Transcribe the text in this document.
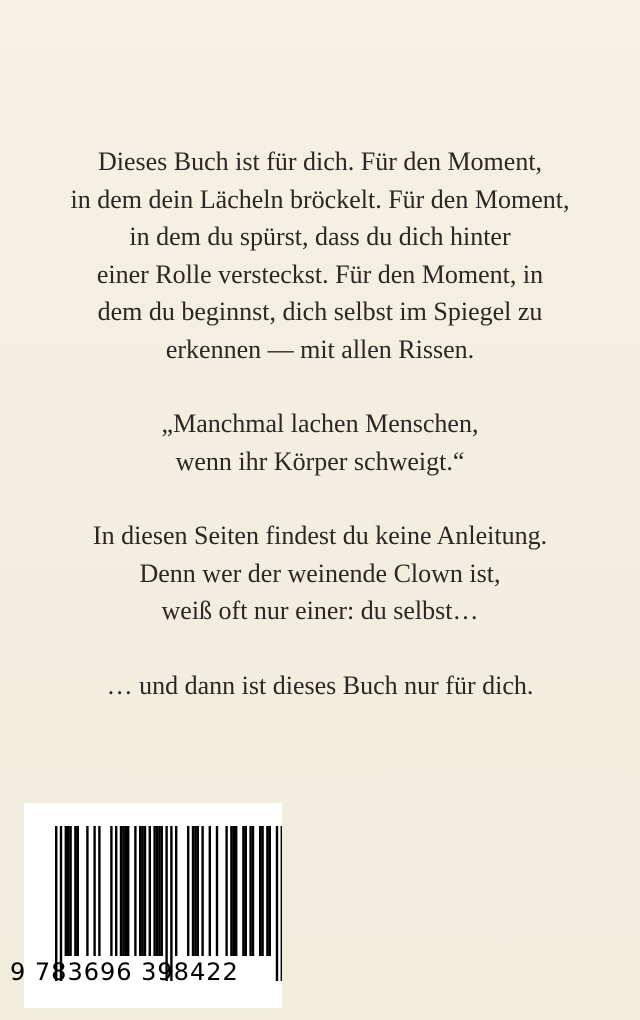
Dieses Buch ist für dich. Für den Moment,
in dem dein Lächeln bröckelt. Für den Moment,
in dem du spürst, dass du dich hinter
einer Rolle versteckst. Für den Moment, in
dem du beginnst, dich selbst im Spiegel zu
erkennen — mit allen Rissen.
„Manchmal lachen Menschen,
wenn ihr Körper schweigt.“
In diesen Seiten findest du keine Anleitung.
Denn wer der weinende Clown ist,
weiß oft nur einer: du selbst…
… und dann ist dieses Buch nur für dich.
9 783696 398422
